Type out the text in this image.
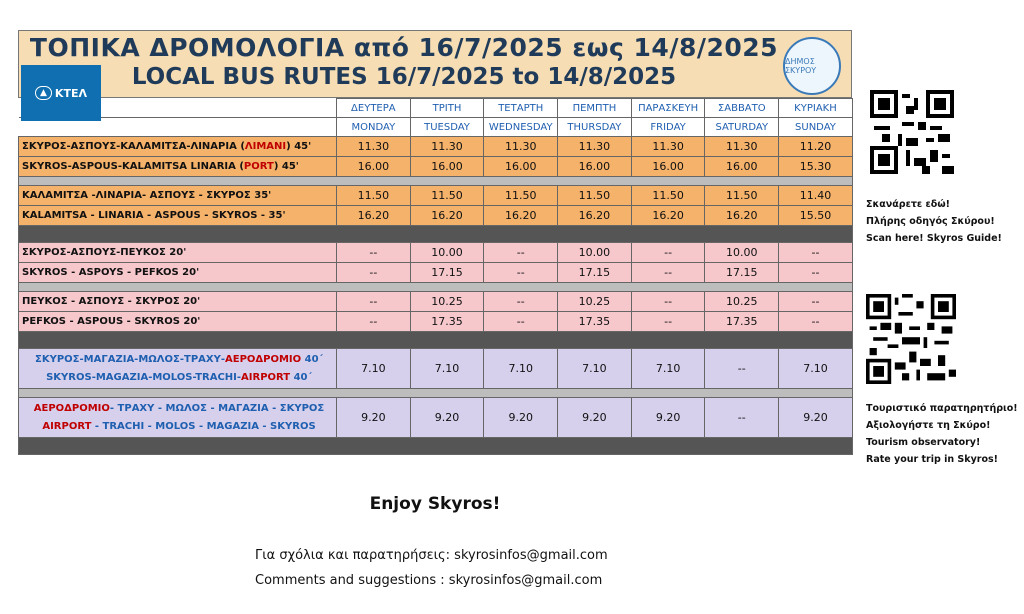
ΤΟΠΙΚΑ ΔΡΟΜΟΛΟΓΙΑ από 16/7/2025 εως 14/8/2025
LOCAL BUS RUTES 16/7/2025 to 14/8/2025
▲ ΚΤΕΛ
ΔΗΜΟΣ ΣΚΥΡΟΥ
	ΔΕΥΤΕΡΑ	ΤΡΙΤΗ	ΤΕΤΑΡΤΗ	ΠΕΜΠΤΗ	ΠΑΡΑΣΚΕΥΗ	ΣΑΒΒΑΤΟ	ΚΥΡΙΑΚΗ
	MONDAY	TUESDAY	WEDNESDAY	THURSDAY	FRIDAY	SATURDAY	SUNDAY
ΣΚΥΡΟΣ-ΑΣΠΟΥΣ-ΚΑΛΑΜΙΤΣΑ-ΛΙΝΑΡΙΑ (ΛΙΜΑΝΙ) 45'	11.30	11.30	11.30	11.30	11.30	11.30	11.20
SKYROS-ASPOUS-KALAMITSA LINARIA (PORT) 45'	16.00	16.00	16.00	16.00	16.00	16.00	15.30

ΚΑΛΑΜΙΤΣΑ -ΛΙΝΑΡΙΑ- ΑΣΠΟΥΣ - ΣΚΥΡΟΣ 35'	11.50	11.50	11.50	11.50	11.50	11.50	11.40
KALAMITSA - LINARIA - ASPOUS - SKYROS - 35'	16.20	16.20	16.20	16.20	16.20	16.20	15.50

ΣΚΥΡΟΣ-ΑΣΠΟΥΣ-ΠΕΥΚΟΣ 20'	--	10.00	--	10.00	--	10.00	--
SKYROS - ASPOYS - PEFKOS 20'	--	17.15	--	17.15	--	17.15	--

ΠΕΥΚΟΣ - ΑΣΠΟΥΣ - ΣΚΥΡΟΣ 20'	--	10.25	--	10.25	--	10.25	--
PEFKOS - ASPOUS - SKYROS 20'	--	17.35	--	17.35	--	17.35	--

ΣΚΥΡΟΣ-ΜΑΓΑΖΙΑ-ΜΩΛΟΣ-ΤΡΑΧΥ-ΑΕΡΟΔΡΟΜΙΟ 40΄
SKYROS-MAGAZIA-MOLOS-TRACHI-AIRPORT 40΄	7.10	7.10	7.10	7.10	7.10	--	7.10

ΑΕΡΟΔΡΟΜΙΟ- ΤΡΑΧΥ - ΜΩΛΟΣ - ΜΑΓΑΖΙΑ - ΣΚΥΡΟΣ
AIRPORT - TRACHI - MOLOS - MAGAZIA - SKYROS	9.20	9.20	9.20	9.20	9.20	--	9.20

Σκανάρετε εδώ!
Πλήρης οδηγός Σκύρου!
Scan here! Skyros Guide!
Τουριστικό παρατηρητήριο!
Αξιολογήστε τη Σκύρο!
Tourism observatory!
Rate your trip in Skyros!
Enjoy Skyros!
Για σχόλια και παρατηρήσεις: skyrosinfos@gmail.com
Comments and suggestions : skyrosinfos@gmail.com
